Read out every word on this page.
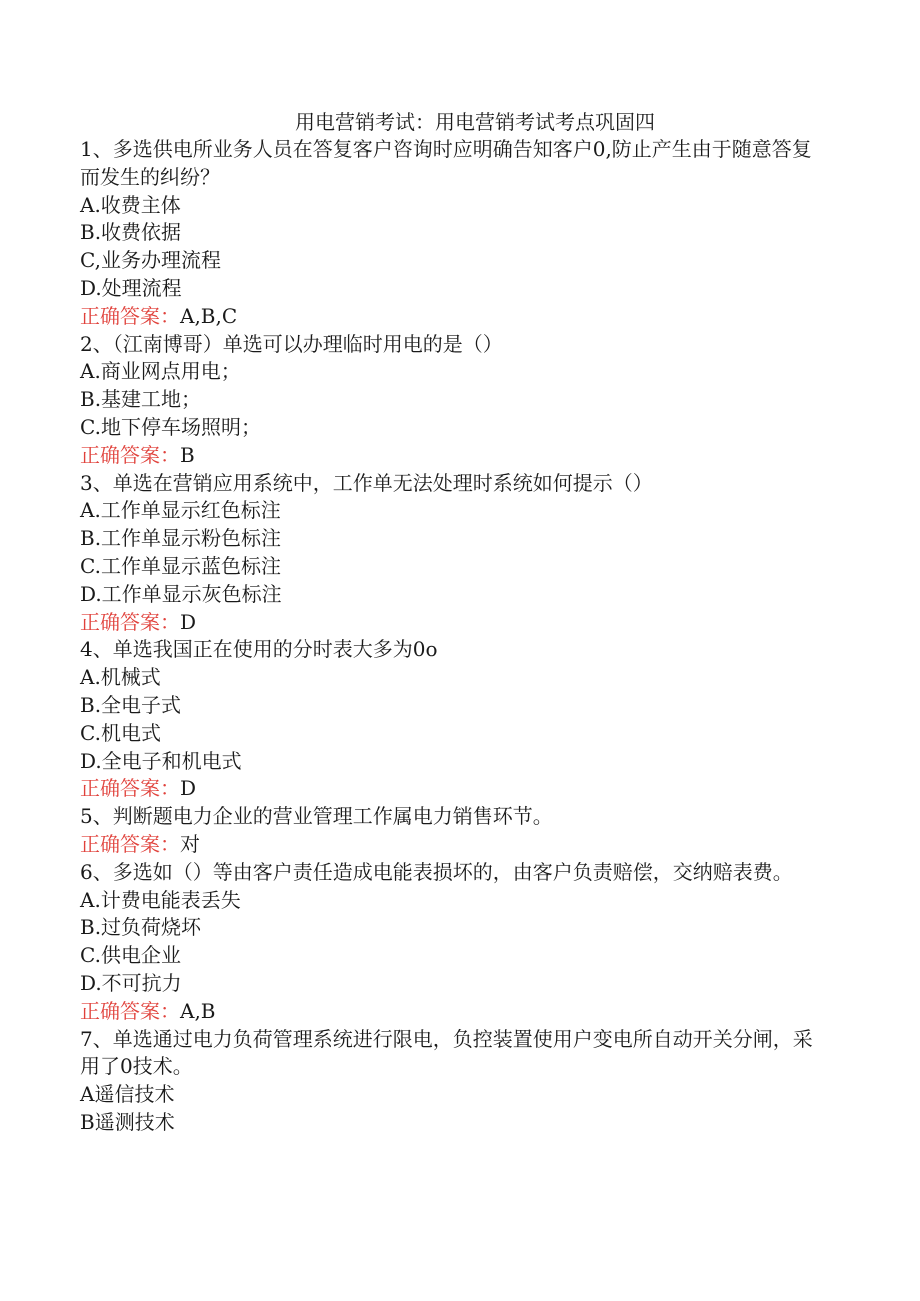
用电营销考试：用电营销考试考点巩固四

1、多选供电所业务人员在答复客户咨询时应明确告知客户0,防止产生由于随意答复而发生的纠纷？

A.收费主体

B.收费依据

C,业务办理流程

D.处理流程

正确答案：A,B,C

2、（江南博哥）单选可以办理临时用电的是（）

A.商业网点用电；

B.基建工地；

C.地下停车场照明；

正确答案：B

3、单选在营销应用系统中，工作单无法处理时系统如何提示（）

A.工作单显示红色标注

B.工作单显示粉色标注

C.工作单显示蓝色标注

D.工作单显示灰色标注

正确答案：D

4、单选我国正在使用的分时表大多为0o

A.机械式

B.全电子式

C.机电式

D.全电子和机电式

正确答案：D

5、判断题电力企业的营业管理工作属电力销售环节。

正确答案：对

6、多选如（）等由客户责任造成电能表损坏的，由客户负责赔偿，交纳赔表费。

A.计费电能表丢失

B.过负荷烧坏

C.供电企业

D.不可抗力

正确答案：A,B

7、单选通过电力负荷管理系统进行限电，负控装置使用户变电所自动开关分闸，采用了0技术。

A遥信技术

B遥测技术
